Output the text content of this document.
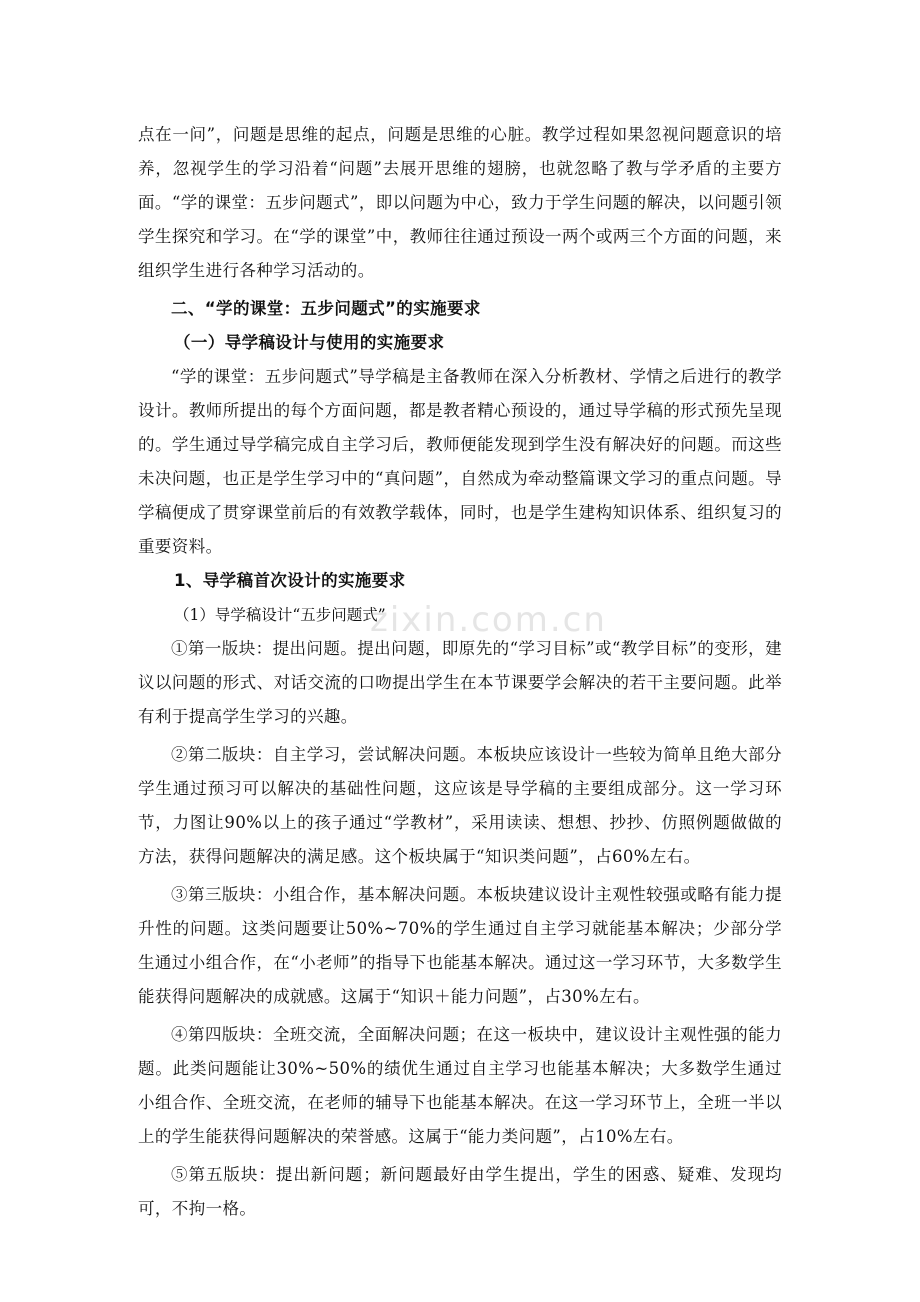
点在一问”，问题是思维的起点，问题是思维的心脏。教学过程如果忽视问题意识的培养，忽视学生的学习沿着“问题”去展开思维的翅膀，也就忽略了教与学矛盾的主要方面。“学的课堂：五步问题式”，即以问题为中心，致力于学生问题的解决，以问题引领学生探究和学习。在“学的课堂”中，教师往往通过预设一两个或两三个方面的问题，来组织学生进行各种学习活动的。

二、“学的课堂：五步问题式”的实施要求

（一）导学稿设计与使用的实施要求

“学的课堂：五步问题式”导学稿是主备教师在深入分析教材、学情之后进行的教学设计。教师所提出的每个方面问题，都是教者精心预设的，通过导学稿的形式预先呈现的。学生通过导学稿完成自主学习后，教师便能发现到学生没有解决好的问题。而这些未决问题，也正是学生学习中的“真问题”，自然成为牵动整篇课文学习的重点问题。导学稿便成了贯穿课堂前后的有效教学载体，同时，也是学生建构知识体系、组织复习的重要资料。

1、导学稿首次设计的实施要求

（1）导学稿设计“五步问题式”

①第一版块：提出问题。提出问题，即原先的“学习目标”或“教学目标”的变形，建议以问题的形式、对话交流的口吻提出学生在本节课要学会解决的若干主要问题。此举有利于提高学生学习的兴趣。

②第二版块：自主学习，尝试解决问题。本板块应该设计一些较为简单且绝大部分学生通过预习可以解决的基础性问题，这应该是导学稿的主要组成部分。这一学习环节，力图让90%以上的孩子通过“学教材”，采用读读、想想、抄抄、仿照例题做做的方法，获得问题解决的满足感。这个板块属于“知识类问题”，占60%左右。

③第三版块：小组合作，基本解决问题。本板块建议设计主观性较强或略有能力提升性的问题。这类问题要让50%~70%的学生通过自主学习就能基本解决；少部分学生通过小组合作，在“小老师”的指导下也能基本解决。通过这一学习环节，大多数学生能获得问题解决的成就感。这属于“知识＋能力问题”，占30%左右。

④第四版块：全班交流，全面解决问题；在这一板块中，建议设计主观性强的能力题。此类问题能让30%~50%的绩优生通过自主学习也能基本解决；大多数学生通过小组合作、全班交流，在老师的辅导下也能基本解决。在这一学习环节上，全班一半以上的学生能获得问题解决的荣誉感。这属于“能力类问题”，占10%左右。

⑤第五版块：提出新问题；新问题最好由学生提出，学生的困惑、疑难、发现均可，不拘一格。

zixin.com.cn
